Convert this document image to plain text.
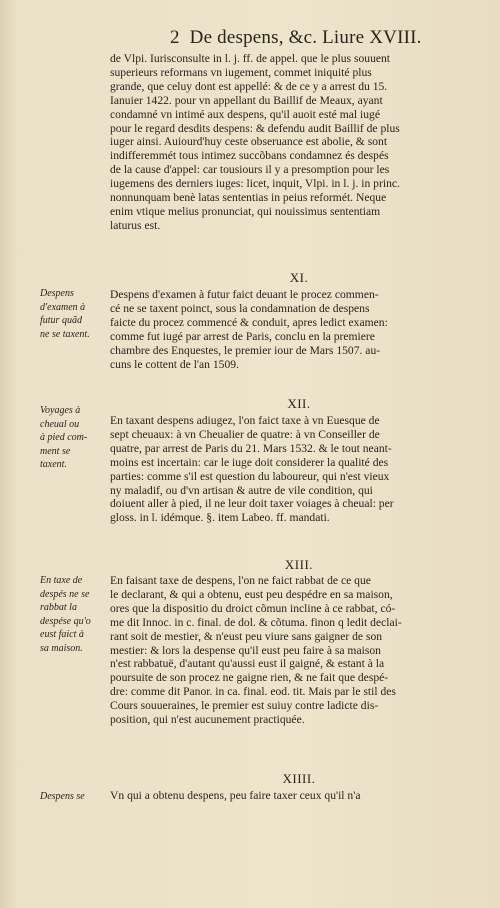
2 De despens, &c. Liure XVIII.
de Vlpi. Iurisconsulte in l. j. ff. de appel. que le plus souuent
superieurs reformans vn iugement, commet iniquité plus
grande, que celuy dont est appellé: & de ce y a arrest du 15.
Ianuier 1422. pour vn appellant du Baillif de Meaux, ayant
condamné vn intimé aux despens, qu'il auoit esté mal iugé
pour le regard desdits despens: & defendu audit Baillif de plus
iuger ainsi. Auiourd'huy ceste obseruance est abolie, & sont
indifferemmét tous intimez succõbans condamnez és despés
de la cause d'appel: car tousiours il y a presomption pour les
iugemens des derniers iuges: licet, inquit, Vlpi. in l. j. in princ.
nonnunquam benè latas sententias in peius reformét. Neque
enim vtique melius pronunciat, qui nouissimus sententiam
laturus est.
XI.
Despens
d'examen à
futur quãd
ne se taxent.
Despens d'examen à futur faict deuant le procez commen-
cé ne se taxent poinct, sous la condamnation de despens
faicte du procez commencé & conduit, apres ledict examen:
comme fut iugé par arrest de Paris, conclu en la premiere
chambre des Enquestes, le premier iour de Mars 1507. au-
cuns le cottent de l'an 1509.
XII.
Voyages à
cheual ou
à pied com-
ment se
taxent.
En taxant despens adiugez, l'on faict taxe à vn Euesque de
sept cheuaux: à vn Cheualier de quatre: à vn Conseiller de
quatre, par arrest de Paris du 21. Mars 1532. & le tout neant-
moins est incertain: car le iuge doit considerer la qualité des
parties: comme s'il est question du laboureur, qui n'est vieux
ny maladif, ou d'vn artisan & autre de vile condition, qui
doiuent aller à pied, il ne leur doit taxer voiages à cheual: per
gloss. in l. idémque. §. item Labeo. ff. mandati.
XIII.
En taxe de
despés ne se
rabbat la
despése qu'o
eust faict à
sa maison.
En faisant taxe de despens, l'on ne faict rabbat de ce que
le declarant, & qui a obtenu, eust peu despédre en sa maison,
ores que la dispositio du droict cõmun incline à ce rabbat, có-
me dit Innoc. in c. final. de dol. & cõtuma. finon q ledit declai-
rant soit de mestier, & n'eust peu viure sans gaigner de son
mestier: & lors la despense qu'il eust peu faire à sa maison
n'est rabbatuë, d'autant qu'aussi eust il gaigné, & estant à la
poursuite de son procez ne gaigne rien, & ne fait que despé-
dre: comme dit Panor. in ca. final. eod. tit. Mais par le stil des
Cours souueraines, le premier est suiuy contre ladicte dis-
position, qui n'est aucunement practiquée.
XIIII.
Despens se	Vn qui a obtenu despens, peu faire taxer ceux qu'il n'a
